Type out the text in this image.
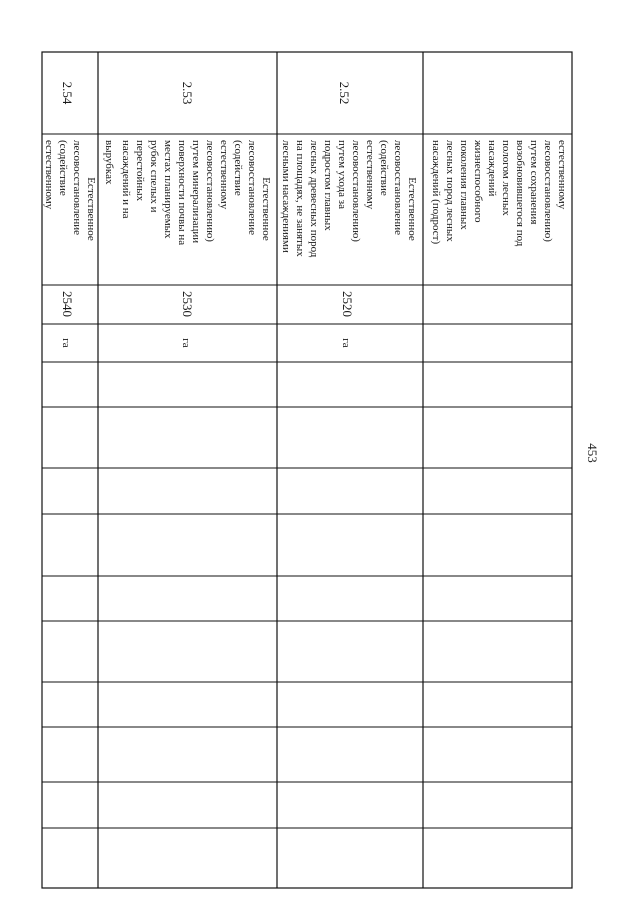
453
естественному
лесовосстановлению)
путем сохранения
возобновившегося под
пологом лесных
насаждений
жизнеспособного
поколения главных
лесных пород лесных
насаждений (подрост)
2.52
Естественное
лесовосстановление
(содействие
естественному
лесовосстановлению)
путем ухода за
подростом главных
лесных древесных пород
на площадях, не занятых
лесными насаждениями
2520
га
2.53
Естественное
лесовосстановление
(содействие
естественному
лесовосстановлению)
путем минерализации
поверхности почвы на
местах планируемых
рубок спелых и
перестойных
насаждений и на
вырубках
2530
га
2.54
Естественное
лесовосстановление
(содействие
естественному
2540
га
